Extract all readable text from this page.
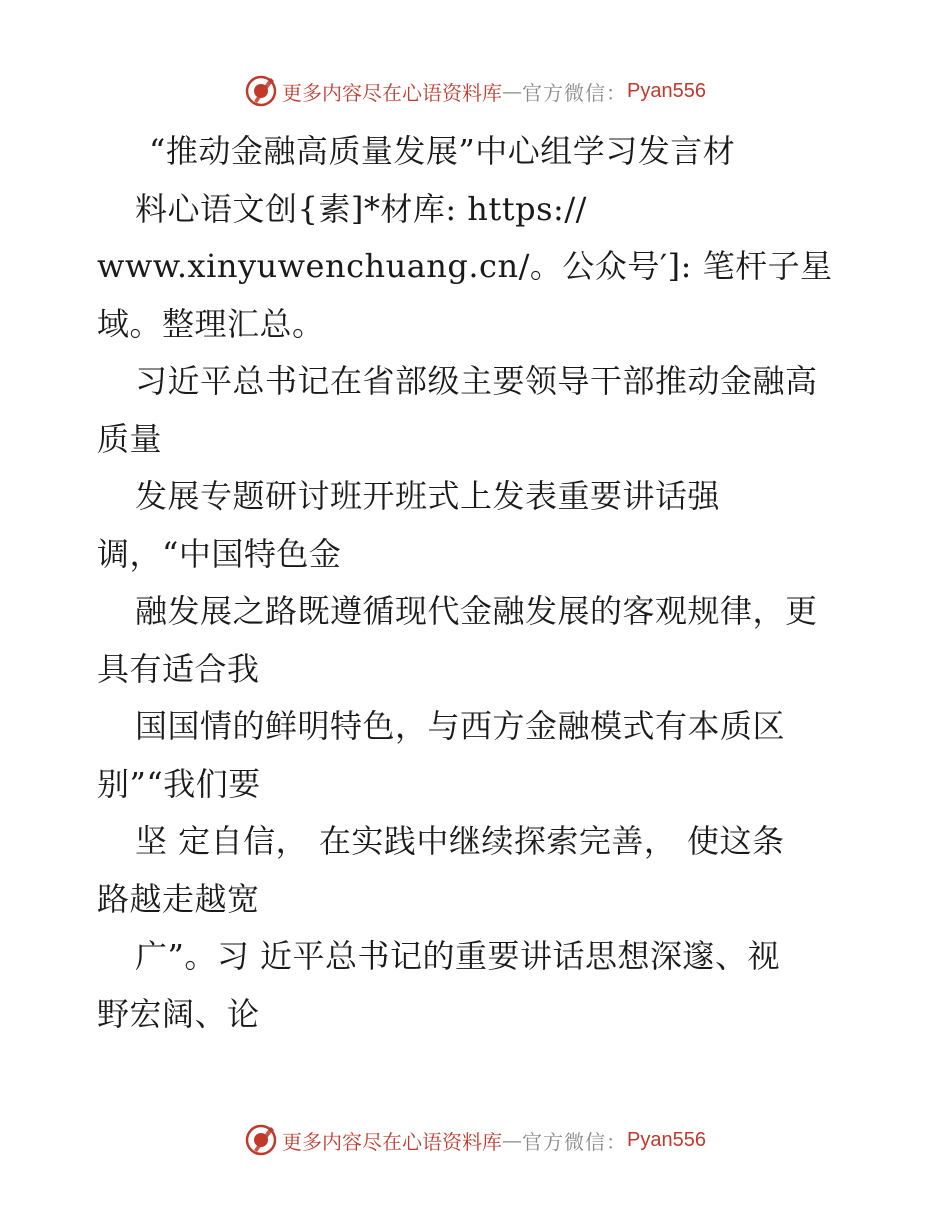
更多内容尽在心语资料库 — 官方微信： Pyan556
“推动金融高质量发展”中心组学习发言材
料心语文创{素]*材库: https://
www.xinyuwenchuang.cn/。公众号′]: 笔杆子星
域。整理汇总。
习近平总书记在省部级主要领导干部推动金融高
质量
发展专题研讨班开班式上发表重要讲话强
调，“中国特色金
融发展之路既遵循现代金融发展的客观规律，更
具有适合我
国国情的鲜明特色，与西方金融模式有本质区
别”“我们要
坚 定自信， 在实践中继续探索完善， 使这条
路越走越宽
广”。习 近平总书记的重要讲话思想深邃、视
野宏阔、论
更多内容尽在心语资料库 — 官方微信： Pyan556
